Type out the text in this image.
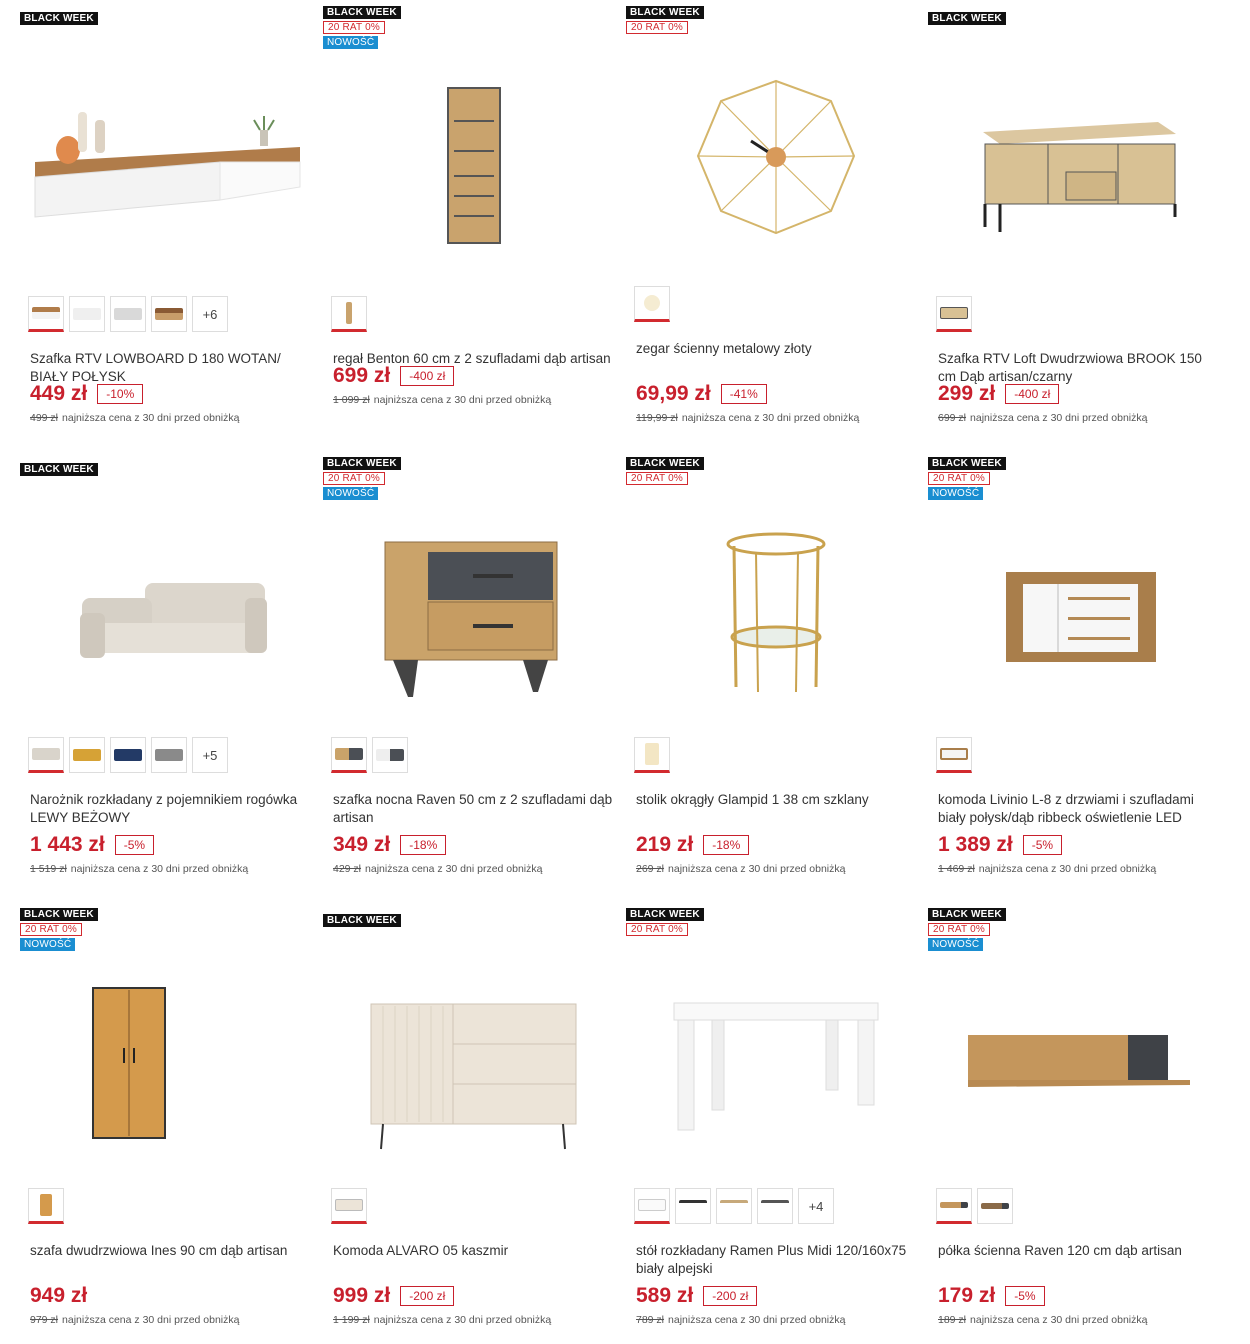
BLACK WEEK
+6
Szafka RTV LOWBOARD D 180 WOTAN/ BIAŁY POŁYSK
449 zł	-10%
499 zł najniższa cena z 30 dni przed obniżką
BLACK WEEK
20 RAT 0%
NOWOŚĆ
regał Benton 60 cm z 2 szufladami dąb artisan
699 zł	-400 zł
1 099 zł najniższa cena z 30 dni przed obniżką
BLACK WEEK
20 RAT 0%
zegar ścienny metalowy złoty
69,99 zł	-41%
119,99 zł najniższa cena z 30 dni przed obniżką
BLACK WEEK
Szafka RTV Loft Dwudrzwiowa BROOK 150 cm Dąb artisan/czarny
299 zł	-400 zł
699 zł najniższa cena z 30 dni przed obniżką
BLACK WEEK
+5
Narożnik rozkładany z pojemnikiem rogówka LEWY BEŻOWY
1 443 zł	-5%
1 519 zł najniższa cena z 30 dni przed obniżką
BLACK WEEK
20 RAT 0%
NOWOŚĆ
szafka nocna Raven 50 cm z 2 szufladami dąb artisan
349 zł	-18%
429 zł najniższa cena z 30 dni przed obniżką
BLACK WEEK
20 RAT 0%
stolik okrągły Glampid 1 38 cm szklany
219 zł	-18%
269 zł najniższa cena z 30 dni przed obniżką
BLACK WEEK
20 RAT 0%
NOWOŚĆ
komoda Livinio L-8 z drzwiami i szufladami biały połysk/dąb ribbeck oświetlenie LED
1 389 zł	-5%
1 469 zł najniższa cena z 30 dni przed obniżką
BLACK WEEK
20 RAT 0%
NOWOŚĆ
szafa dwudrzwiowa Ines 90 cm dąb artisan
949 zł
979 zł najniższa cena z 30 dni przed obniżką
BLACK WEEK
Komoda ALVARO 05 kaszmir
999 zł	-200 zł
1 199 zł najniższa cena z 30 dni przed obniżką
BLACK WEEK
20 RAT 0%
+4
stół rozkładany Ramen Plus Midi 120/160x75 biały alpejski
589 zł	-200 zł
789 zł najniższa cena z 30 dni przed obniżką
BLACK WEEK
20 RAT 0%
NOWOŚĆ
półka ścienna Raven 120 cm dąb artisan
179 zł	-5%
189 zł najniższa cena z 30 dni przed obniżką
